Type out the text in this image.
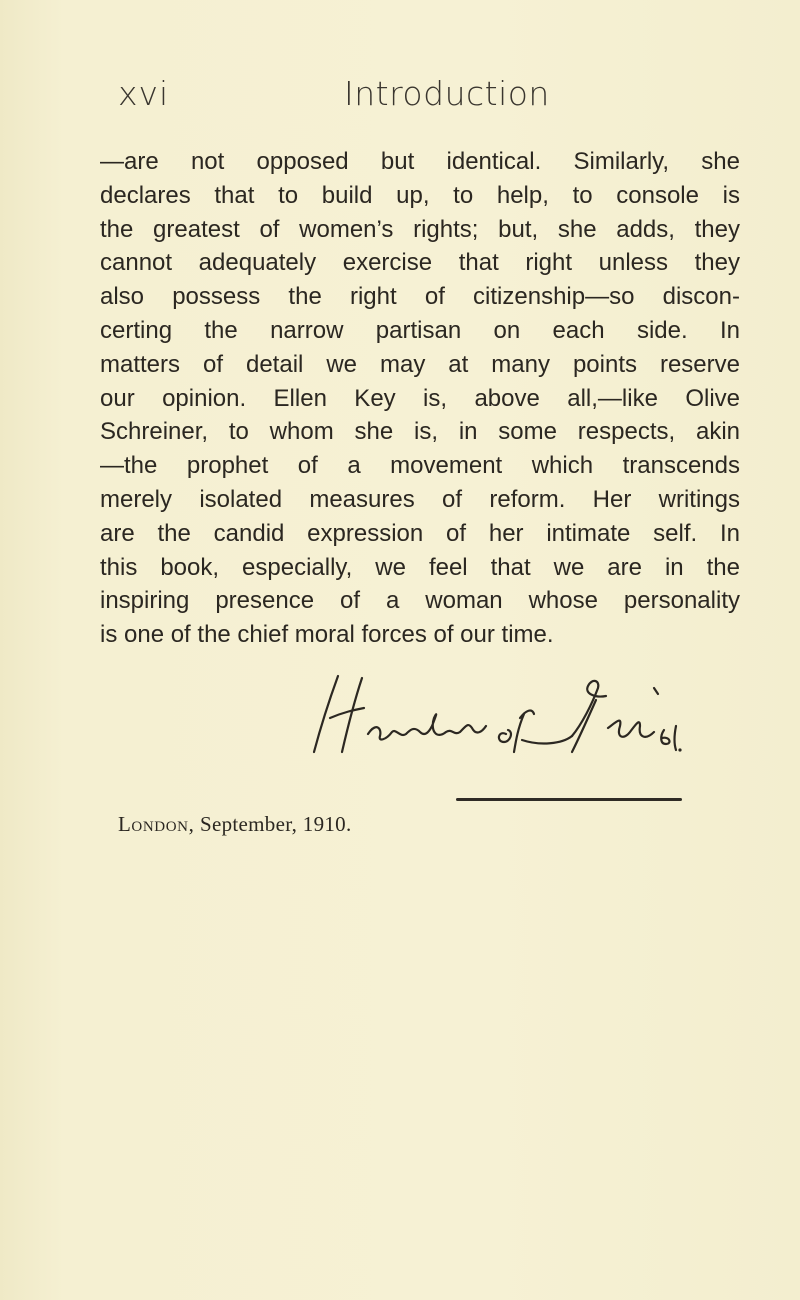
xvi	Introduction
—are not opposed but identical. Similarly, she
declares that to build up, to help, to console is
the greatest of women’s rights; but, she adds, they
cannot adequately exercise that right unless they
also possess the right of citizenship—so discon-
certing the narrow partisan on each side. In
matters of detail we may at many points reserve
our opinion. Ellen Key is, above all,—like Olive
Schreiner, to whom she is, in some respects, akin
—the prophet of a movement which transcends
merely isolated measures of reform. Her writings
are the candid expression of her intimate self. In
this book, especially, we feel that we are in the
inspiring presence of a woman whose personality
is one of the chief moral forces of our time.
London, September, 1910.
